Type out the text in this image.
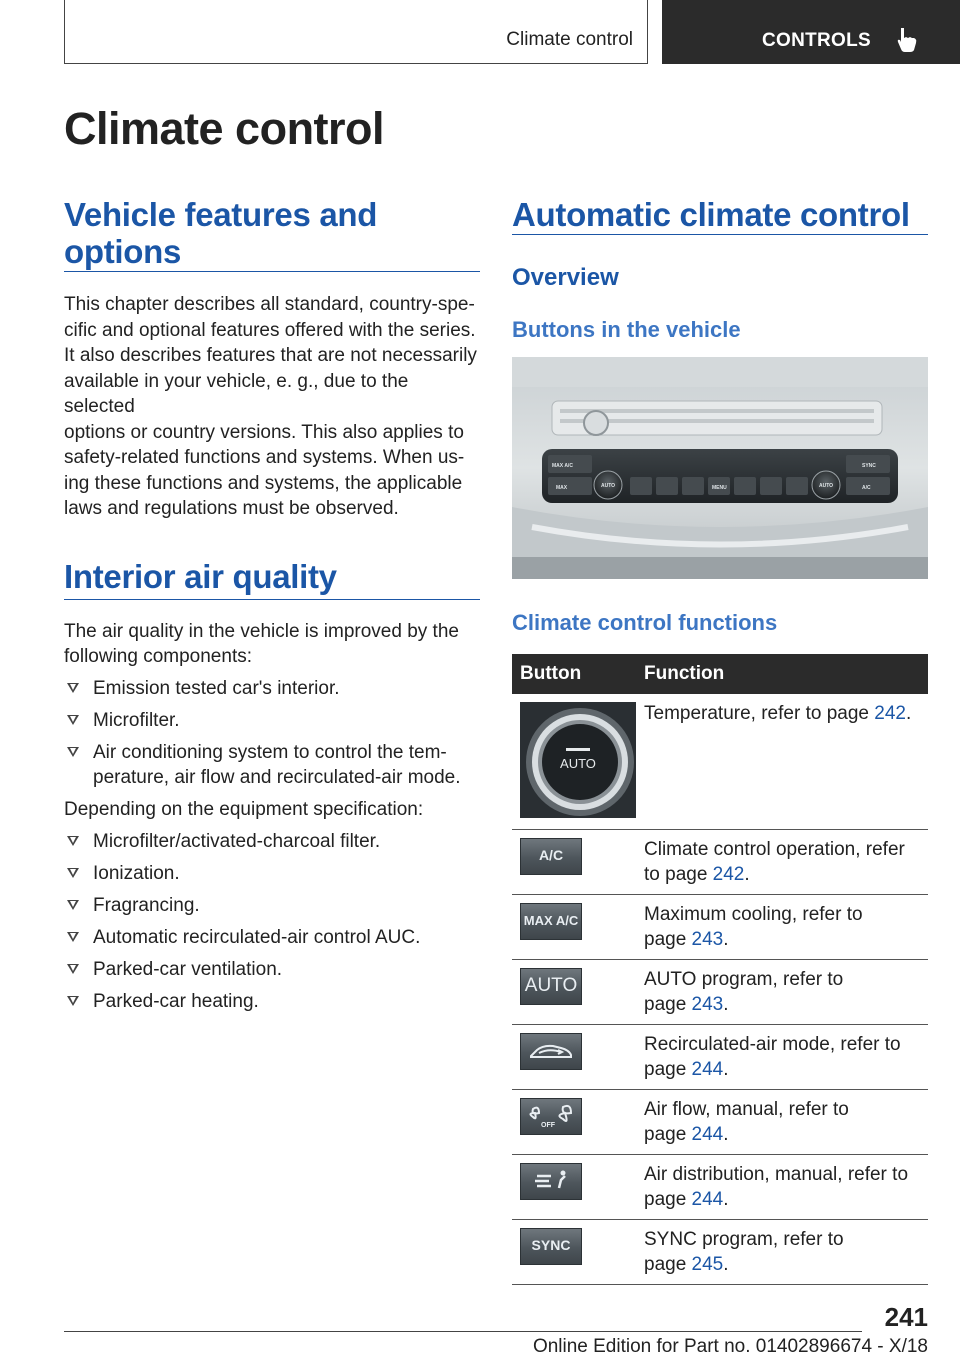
Climate control	CONTROLS
Climate control
Vehicle features and options

This chapter describes all standard, country-spe-
cific and optional features offered with the series.
It also describes features that are not necessarily
available in your vehicle, e. g., due to the selected
options or country versions. This also applies to
safety-related functions and systems. When us-
ing these functions and systems, the applicable
laws and regulations must be observed.

Interior air quality

The air quality in the vehicle is improved by the
following components:

Emission tested car's interior.
Microfilter.
Air conditioning system to control the tem-
perature, air flow and recirculated-air mode.

Depending on the equipment specification:

Microfilter/activated-charcoal filter.
Ionization.
Fragrancing.
Automatic recirculated-air control AUC.
Parked-car ventilation.
Parked-car heating.
Automatic climate control
Overview
Buttons in the vehicle
MAX A/C
MAX	AUTO	MENU	AUTO
SYNC
A/C
Climate control functions
Button	Function

AUTO	Temperature, refer to page 242.

A/C	Climate control operation, refer
to page 242.

MAX A/C	Maximum cooling, refer to
page 243.

AUTO	AUTO program, refer to
page 243.

	Recirculated-air mode, refer to
page 244.

OFF	Air flow, manual, refer to
page 244.

	Air distribution, manual, refer to
page 244.

SYNC	SYNC program, refer to
page 245.
241
Online Edition for Part no. 01402896674 - X/18
